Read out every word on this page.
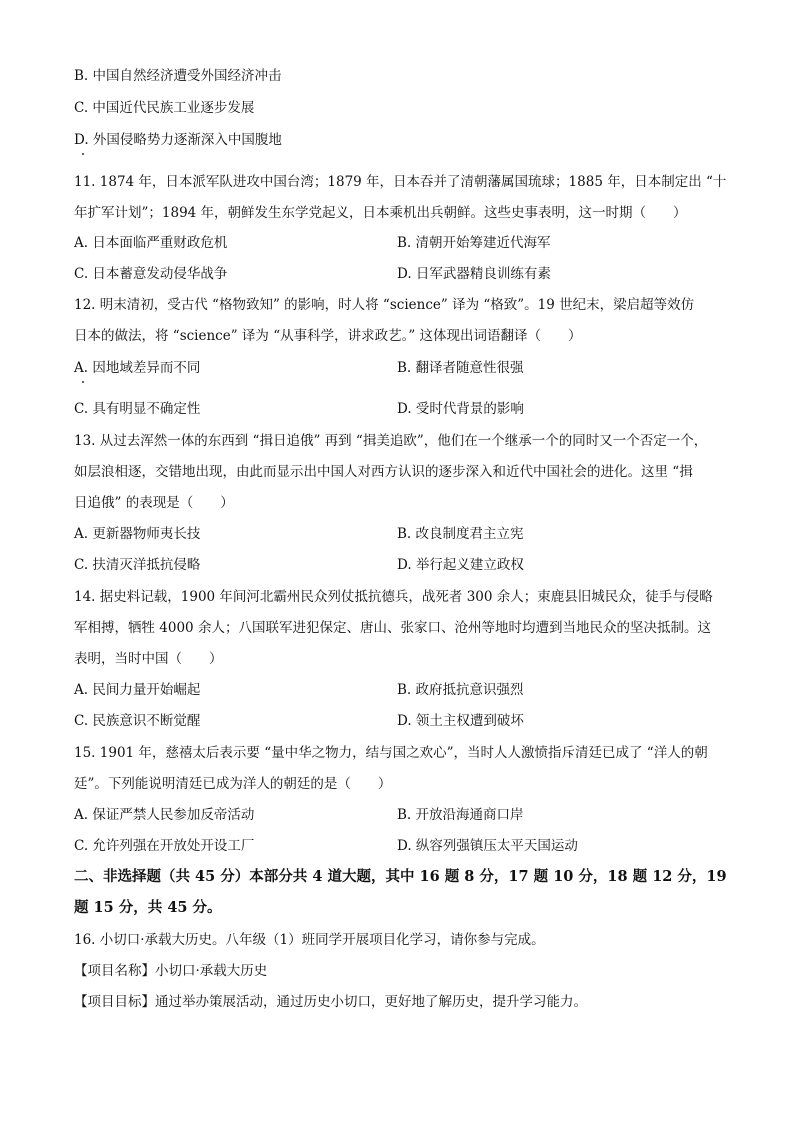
B. 中国自然经济遭受外国经济冲击
C. 中国近代民族工业逐步发展
D. 外国侵略势力逐渐深入中国腹地
11. 1874 年，日本派军队进攻中国台湾；1879 年，日本吞并了清朝藩属国琉球；1885 年，日本制定出 “十
年扩军计划”；1894 年，朝鲜发生东学党起义，日本乘机出兵朝鲜。这些史事表明，这一时期（　　）
A. 日本面临严重财政危机	B. 清朝开始筹建近代海军
C. 日本蓄意发动侵华战争	D. 日军武器精良训练有素
12. 明末清初，受古代 “格物致知” 的影响，时人将 “science” 译为 “格致”。19 世纪末，梁启超等效仿
日本的做法，将 “science” 译为 “从事科学，讲求政艺。” 这体现出词语翻译（　　）
A. 因地域差异而不同	B. 翻译者随意性很强
C. 具有明显不确定性	D. 受时代背景的影响
13. 从过去浑然一体的东西到 “揖日追俄” 再到 “揖美追欧”，他们在一个继承一个的同时又一个否定一个，
如层浪相逐，交错地出现，由此而显示出中国人对西方认识的逐步深入和近代中国社会的进化。这里 “揖
日追俄” 的表现是（　　）
A. 更新器物师夷长技	B. 改良制度君主立宪
C. 扶清灭洋抵抗侵略	D. 举行起义建立政权
14. 据史料记载，1900 年间河北霸州民众列仗抵抗德兵，战死者 300 余人；束鹿县旧城民众，徒手与侵略
军相搏，牺牲 4000 余人；八国联军进犯保定、唐山、张家口、沧州等地时均遭到当地民众的坚决抵制。这
表明，当时中国（　　）
A. 民间力量开始崛起	B. 政府抵抗意识强烈
C. 民族意识不断觉醒	D. 领土主权遭到破坏
15. 1901 年，慈禧太后表示要 “量中华之物力，结与国之欢心”，当时人人激愤指斥清廷已成了 “洋人的朝
廷”。下列能说明清廷已成为洋人的朝廷的是（　　）
A. 保证严禁人民参加反帝活动	B. 开放沿海通商口岸
C. 允许列强在开放处开设工厂	D. 纵容列强镇压太平天国运动
二、非选择题（共 45 分）本部分共 4 道大题，其中 16 题 8 分，17 题 10 分，18 题 12 分，19
题 15 分，共 45 分。
16. 小切口·承载大历史。八年级（1）班同学开展项目化学习，请你参与完成。
【项目名称】小切口·承载大历史
【项目目标】通过举办策展活动，通过历史小切口，更好地了解历史，提升学习能力。
